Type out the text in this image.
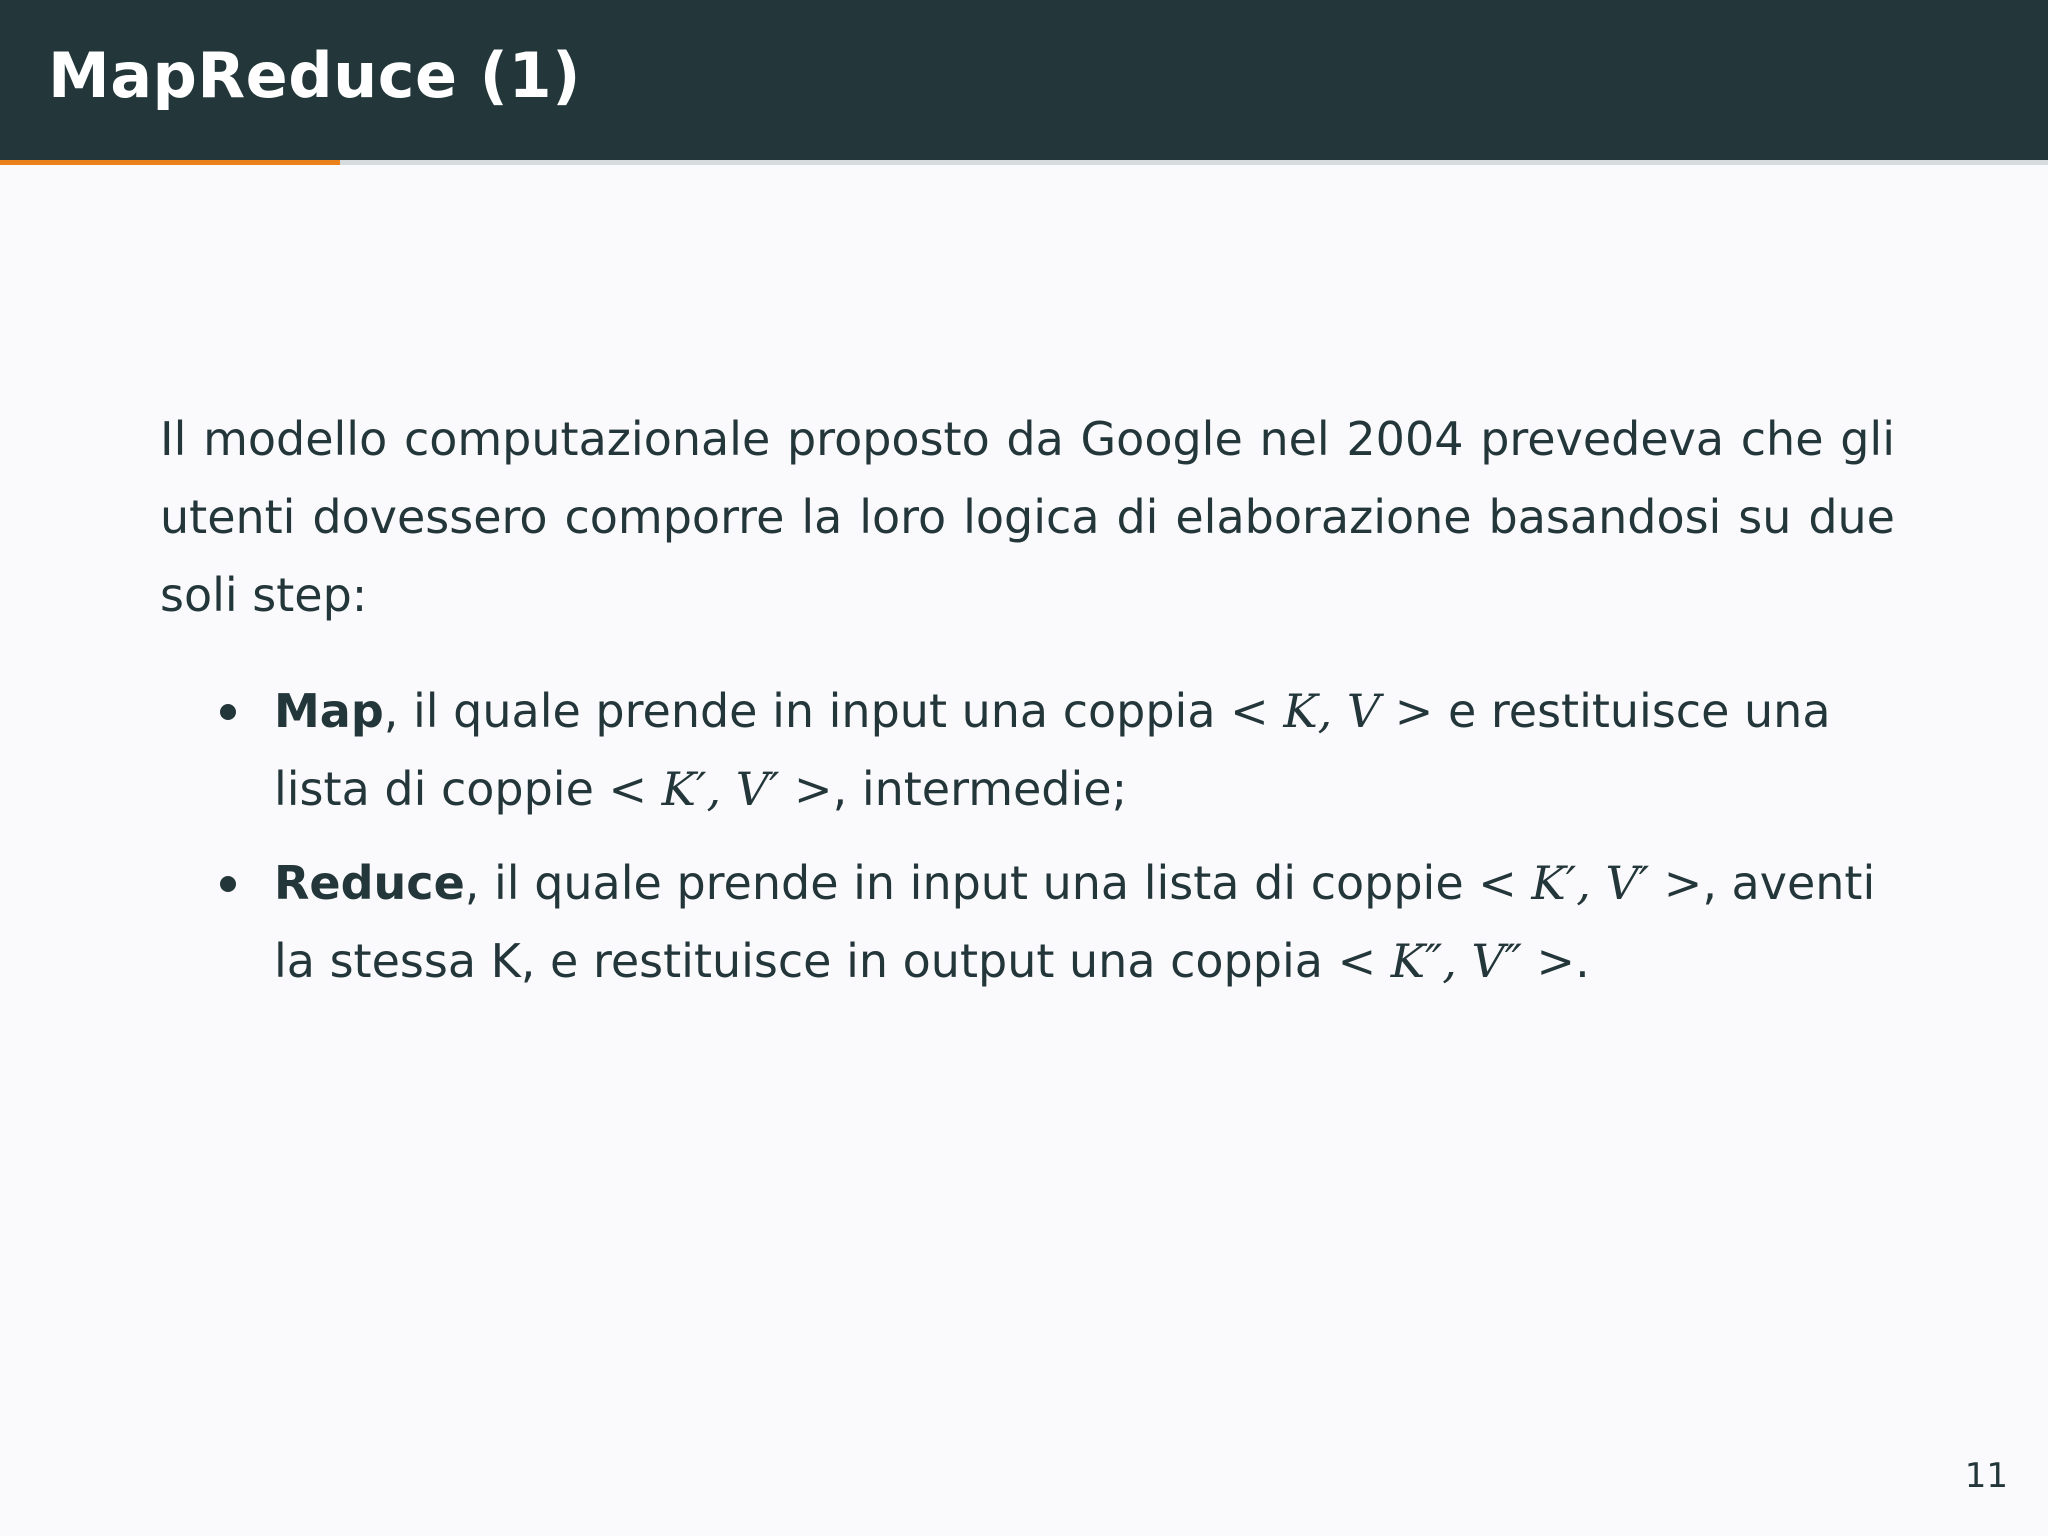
MapReduce (1)

Il modello computazionale proposto da Google nel 2004 prevedeva che gli utenti dovessero comporre la loro logica di elaborazione basandosi su due soli step:

Map, il quale prende in input una coppia < K, V > e restituisce una lista di coppie < K′, V′ >, intermedie;
Reduce, il quale prende in input una lista di coppie < K′, V′ >, aventi la stessa K, e restituisce in output una coppia < K″, V″ >.
11
